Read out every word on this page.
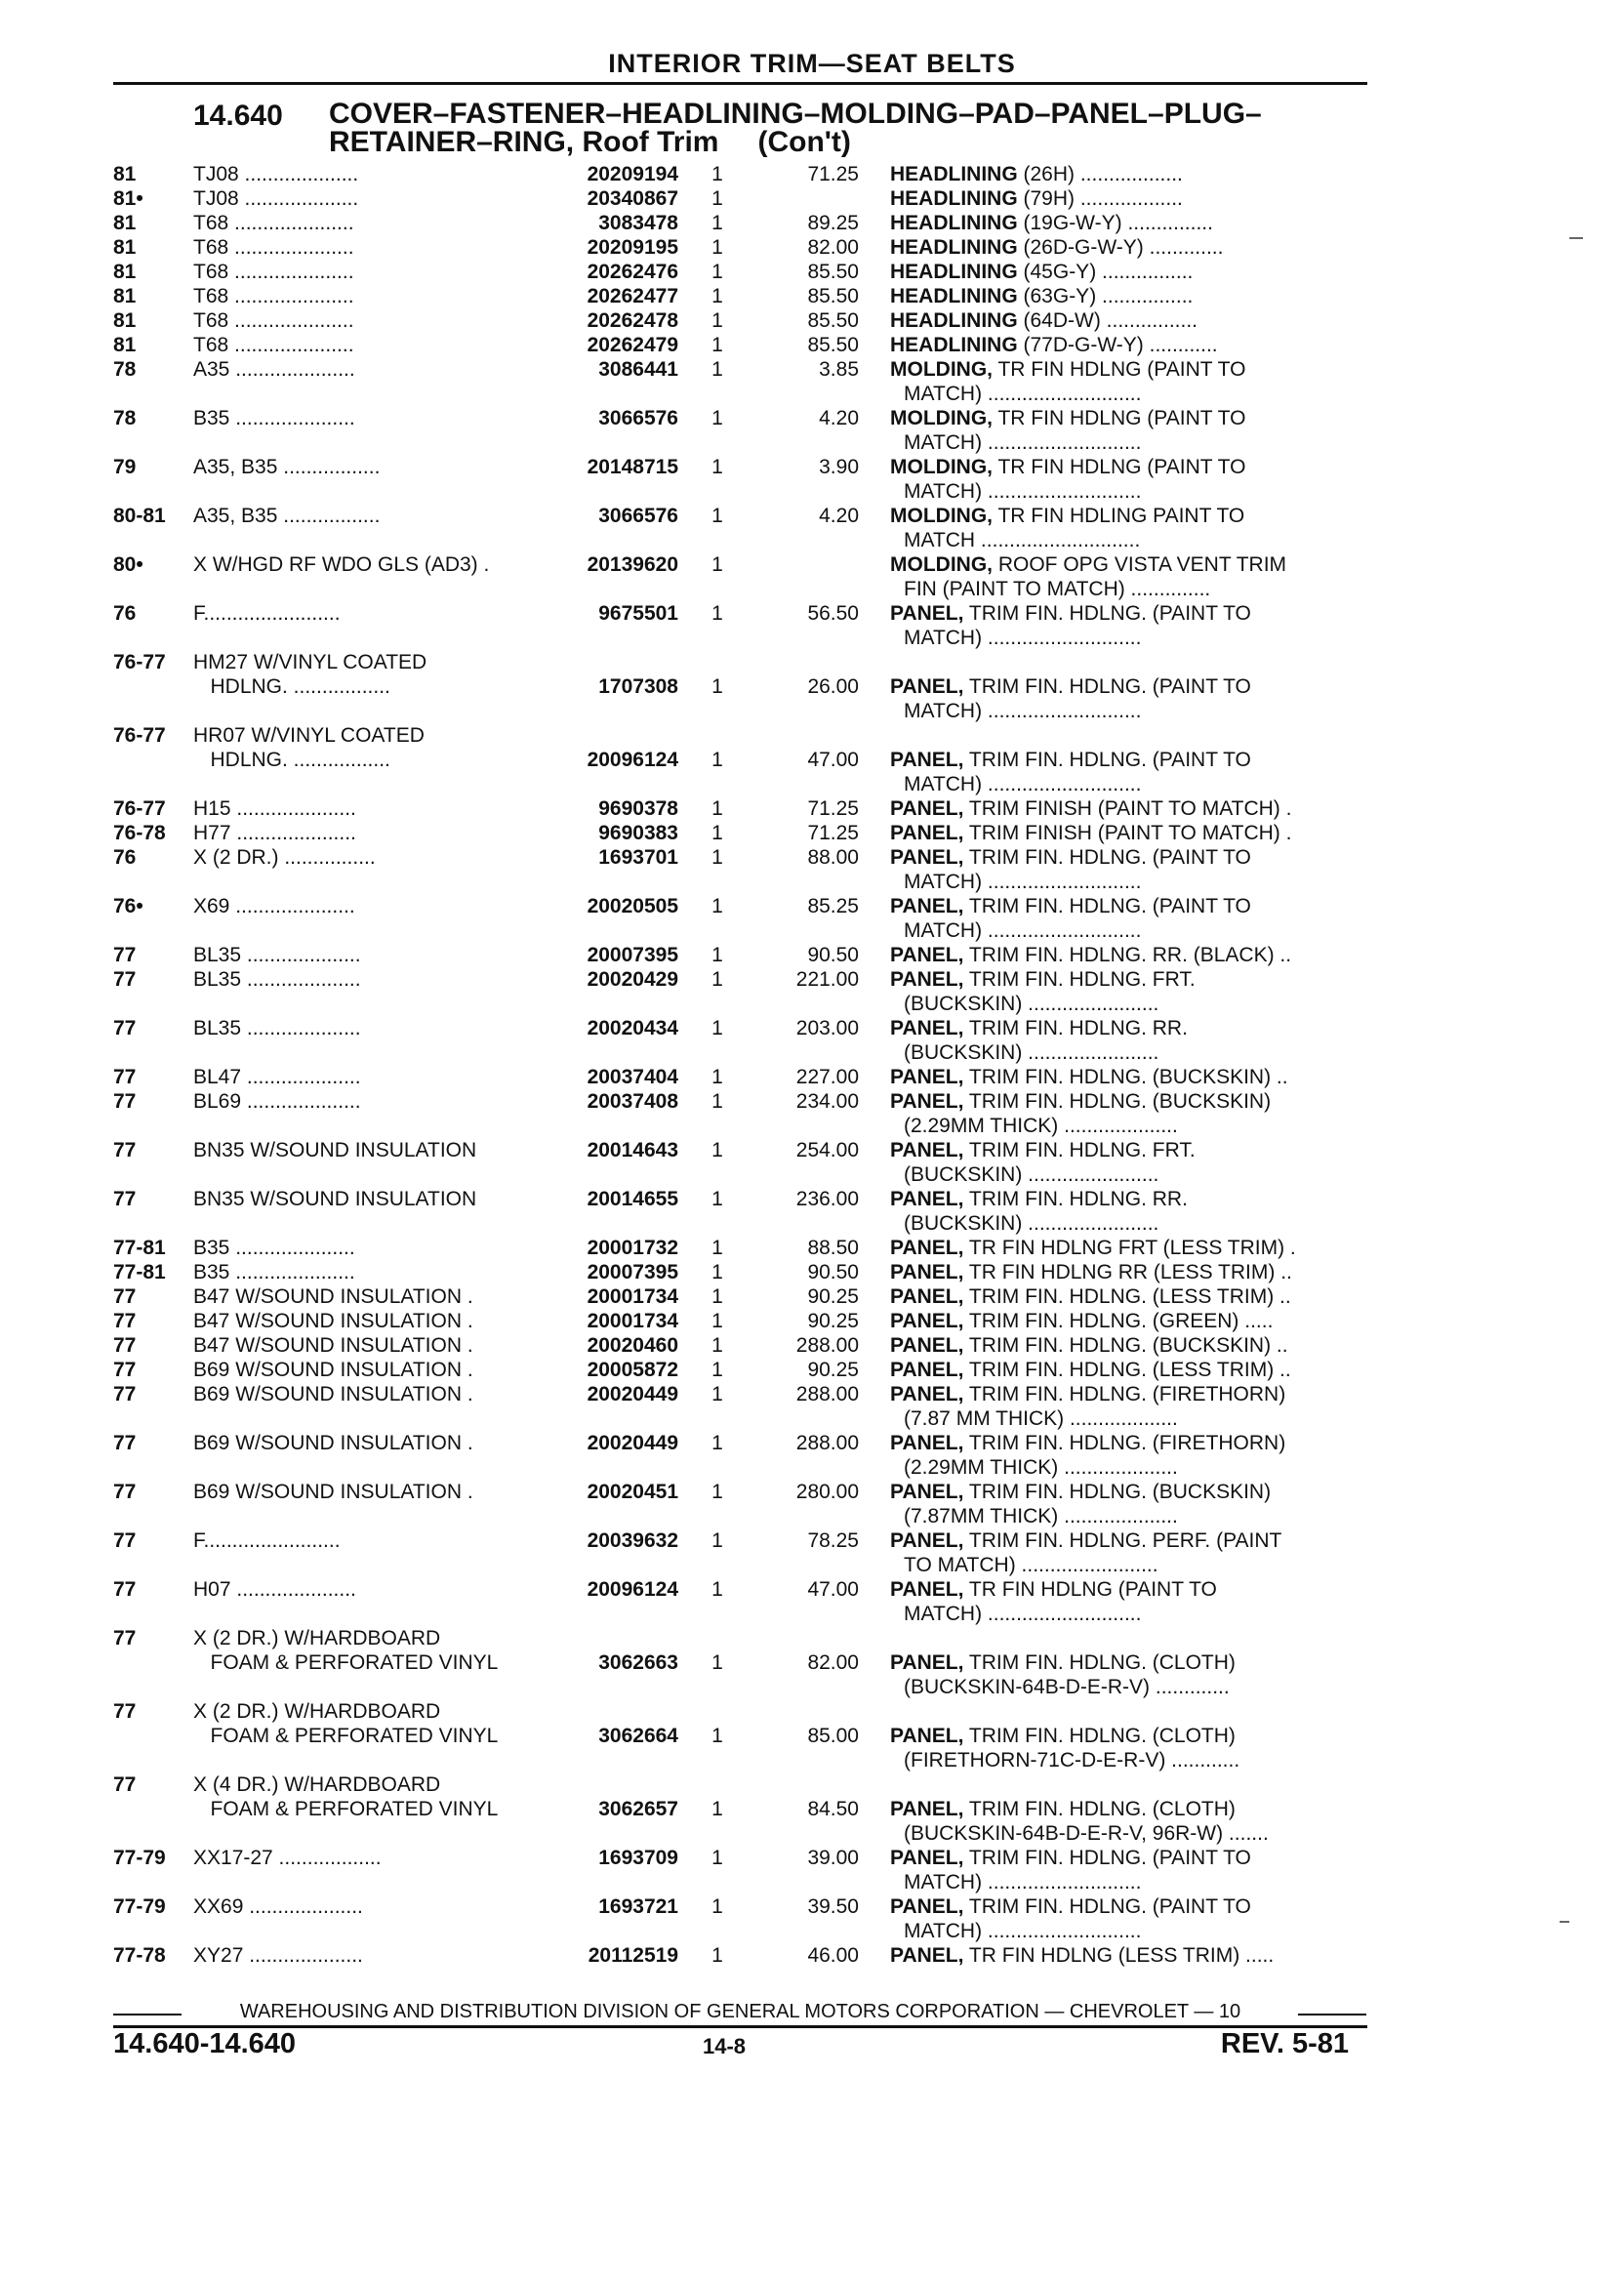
INTERIOR TRIM—SEAT BELTS
14.640 COVER–FASTENER–HEADLINING–MOLDING–PAD–PANEL–PLUG–
RETAINER–RING, Roof Trim (Con't)
81	TJ08 ....................	20209194 1	71.25 HEADLINING (26H) ..................
81•	TJ08 ....................	20340867 1	HEADLINING (79H) ..................
81	T68 .....................	3083478 1	89.25 HEADLINING (19G-W-Y) ...............
81	T68 .....................	20209195 1	82.00 HEADLINING (26D-G-W-Y) .............
81	T68 .....................	20262476 1	85.50 HEADLINING (45G-Y) ................
81	T68 .....................	20262477 1	85.50 HEADLINING (63G-Y) ................
81	T68 .....................	20262478 1	85.50 HEADLINING (64D-W) ................
81	T68 .....................	20262479 1	85.50 HEADLINING (77D-G-W-Y) ............
78	A35 .....................	3086441 1	3.85 MOLDING, TR FIN HDLNG (PAINT TO
MATCH) ...........................
78	B35 .....................	3066576 1	4.20 MOLDING, TR FIN HDLNG (PAINT TO
MATCH) ...........................
79	A35, B35 .................	20148715 1	3.90 MOLDING, TR FIN HDLNG (PAINT TO
MATCH) ...........................
80-81	A35, B35 .................	3066576 1	4.20 MOLDING, TR FIN HDLING PAINT TO
MATCH ............................
80•	X W/HGD RF WDO GLS (AD3) .	20139620 1	MOLDING, ROOF OPG VISTA VENT TRIM
FIN (PAINT TO MATCH) ..............
76	F........................	9675501 1	56.50 PANEL, TRIM FIN. HDLNG. (PAINT TO
MATCH) ...........................
76-77	HM27 W/VINYL COATED
HDLNG. .................	1707308 1	26.00 PANEL, TRIM FIN. HDLNG. (PAINT TO
MATCH) ...........................
76-77	HR07 W/VINYL COATED
HDLNG. .................	20096124 1	47.00 PANEL, TRIM FIN. HDLNG. (PAINT TO
MATCH) ...........................
76-77	H15 .....................	9690378 1	71.25 PANEL, TRIM FINISH (PAINT TO MATCH) .
76-78	H77 .....................	9690383 1	71.25 PANEL, TRIM FINISH (PAINT TO MATCH) .
76	X (2 DR.) ................	1693701 1	88.00 PANEL, TRIM FIN. HDLNG. (PAINT TO
MATCH) ...........................
76•	X69 .....................	20020505 1	85.25 PANEL, TRIM FIN. HDLNG. (PAINT TO
MATCH) ...........................
77	BL35 ....................	20007395 1	90.50 PANEL, TRIM FIN. HDLNG. RR. (BLACK) ..
77	BL35 ....................	20020429 1	221.00 PANEL, TRIM FIN. HDLNG. FRT.
(BUCKSKIN) .......................
77	BL35 ....................	20020434 1	203.00 PANEL, TRIM FIN. HDLNG. RR.
(BUCKSKIN) .......................
77	BL47 ....................	20037404 1	227.00 PANEL, TRIM FIN. HDLNG. (BUCKSKIN) ..
77	BL69 ....................	20037408 1	234.00 PANEL, TRIM FIN. HDLNG. (BUCKSKIN)
(2.29MM THICK) ....................
77	BN35 W/SOUND INSULATION	20014643 1	254.00 PANEL, TRIM FIN. HDLNG. FRT.
(BUCKSKIN) .......................
77	BN35 W/SOUND INSULATION	20014655 1	236.00 PANEL, TRIM FIN. HDLNG. RR.
(BUCKSKIN) .......................
77-81	B35 .....................	20001732 1	88.50 PANEL, TR FIN HDLNG FRT (LESS TRIM) .
77-81	B35 .....................	20007395 1	90.50 PANEL, TR FIN HDLNG RR (LESS TRIM) ..
77	B47 W/SOUND INSULATION .	20001734 1	90.25 PANEL, TRIM FIN. HDLNG. (LESS TRIM) ..
77	B47 W/SOUND INSULATION .	20001734 1	90.25 PANEL, TRIM FIN. HDLNG. (GREEN) .....
77	B47 W/SOUND INSULATION .	20020460 1	288.00 PANEL, TRIM FIN. HDLNG. (BUCKSKIN) ..
77	B69 W/SOUND INSULATION .	20005872 1	90.25 PANEL, TRIM FIN. HDLNG. (LESS TRIM) ..
77	B69 W/SOUND INSULATION .	20020449 1	288.00 PANEL, TRIM FIN. HDLNG. (FIRETHORN)
(7.87 MM THICK) ...................
77	B69 W/SOUND INSULATION .	20020449 1	288.00 PANEL, TRIM FIN. HDLNG. (FIRETHORN)
(2.29MM THICK) ....................
77	B69 W/SOUND INSULATION .	20020451 1	280.00 PANEL, TRIM FIN. HDLNG. (BUCKSKIN)
(7.87MM THICK) ....................
77	F........................	20039632 1	78.25 PANEL, TRIM FIN. HDLNG. PERF. (PAINT
TO MATCH) ........................
77	H07 .....................	20096124 1	47.00 PANEL, TR FIN HDLNG (PAINT TO
MATCH) ...........................
77	X (2 DR.) W/HARDBOARD
FOAM & PERFORATED VINYL	3062663 1	82.00 PANEL, TRIM FIN. HDLNG. (CLOTH)
(BUCKSKIN-64B-D-E-R-V) .............
77	X (2 DR.) W/HARDBOARD
FOAM & PERFORATED VINYL	3062664 1	85.00 PANEL, TRIM FIN. HDLNG. (CLOTH)
(FIRETHORN-71C-D-E-R-V) ............
77	X (4 DR.) W/HARDBOARD
FOAM & PERFORATED VINYL	3062657 1	84.50 PANEL, TRIM FIN. HDLNG. (CLOTH)
(BUCKSKIN-64B-D-E-R-V, 96R-W) .......
77-79	XX17-27 ..................	1693709 1	39.00 PANEL, TRIM FIN. HDLNG. (PAINT TO
MATCH) ...........................
77-79	XX69 ....................	1693721 1	39.50 PANEL, TRIM FIN. HDLNG. (PAINT TO
MATCH) ...........................
77-78	XY27 ....................	20112519 1	46.00 PANEL, TR FIN HDLNG (LESS TRIM) .....
WAREHOUSING AND DISTRIBUTION DIVISION OF GENERAL MOTORS CORPORATION — CHEVROLET — 10
14.640-14.640	14-8	REV. 5-81
